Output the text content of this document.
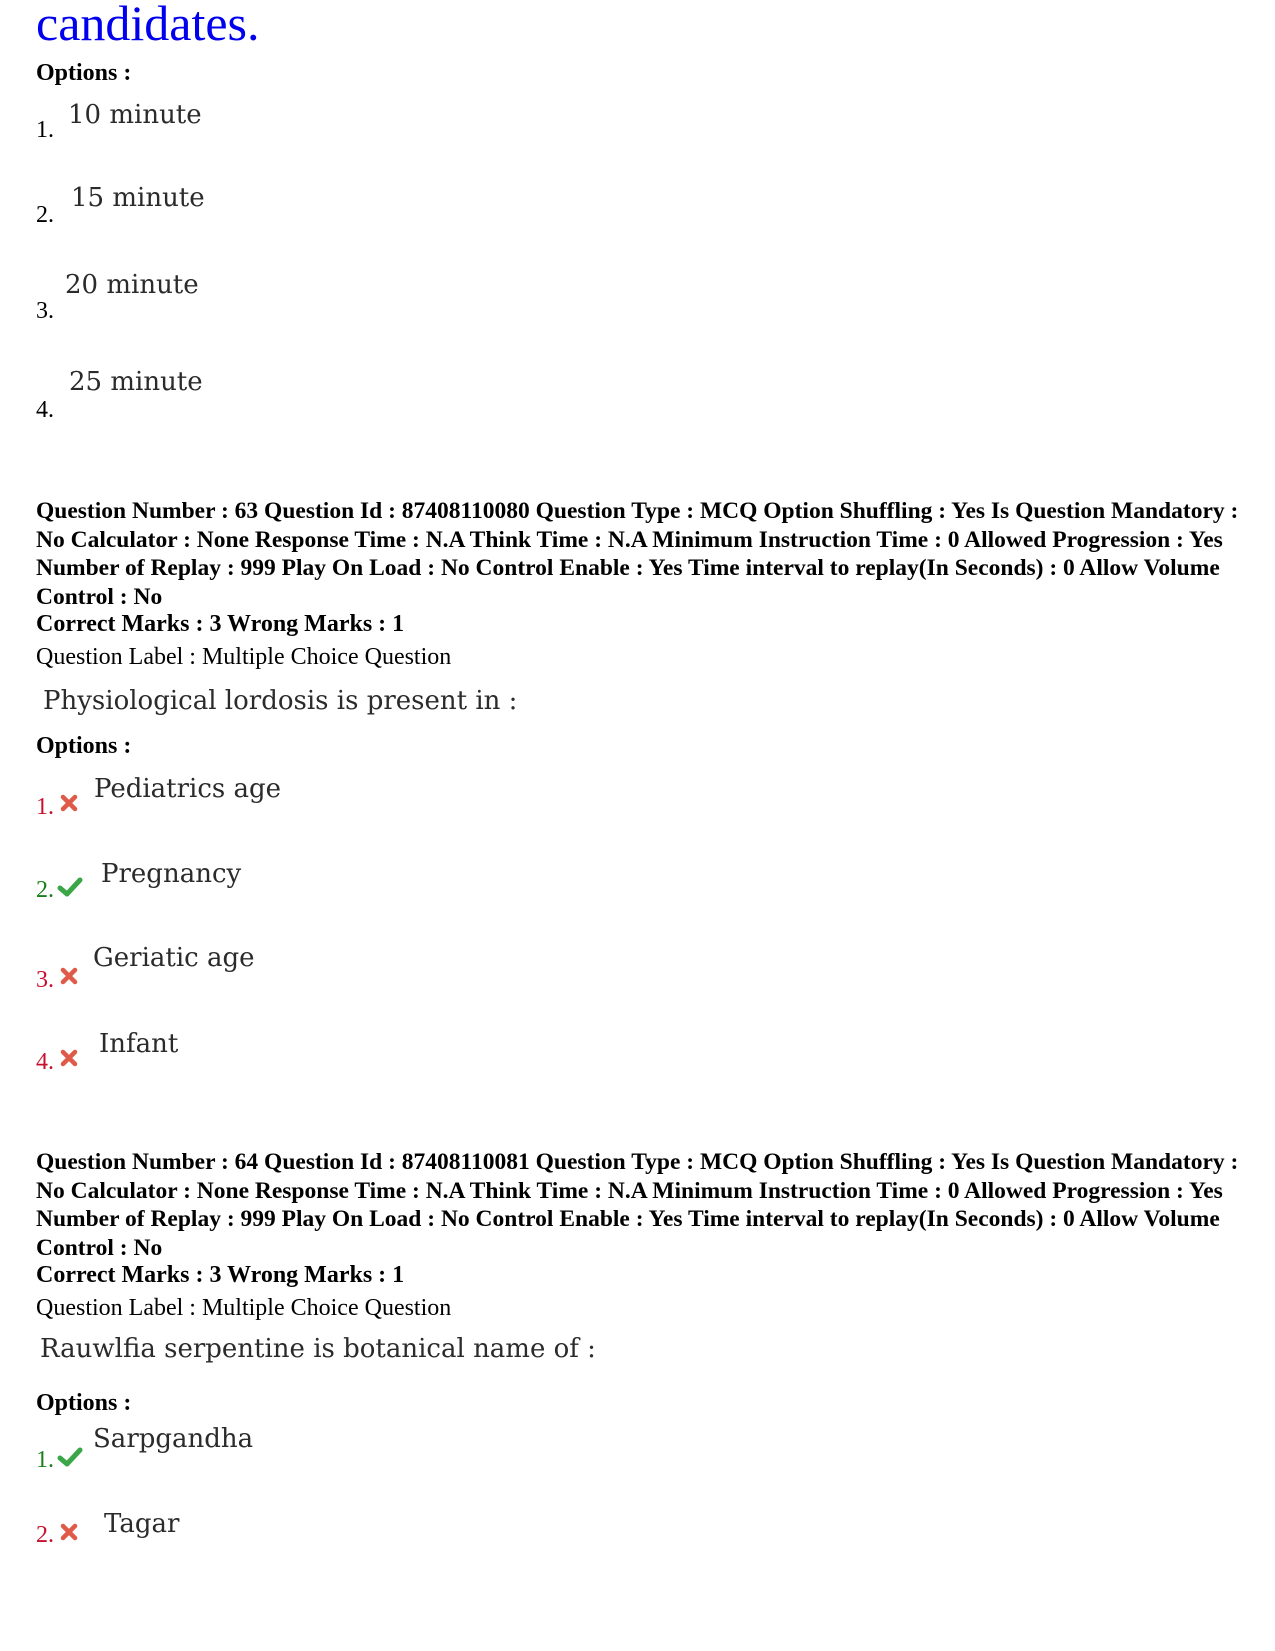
candidates.
Options :
1. 10 minute
2.
15 minute
3.
20 minute
4.
25 minute
Question Number : 63 Question Id : 87408110080 Question Type : MCQ Option Shuffling : Yes Is Question Mandatory : No Calculator : None Response Time : N.A Think Time : N.A Minimum Instruction Time : 0 Allowed Progression : Yes Number of Replay : 999 Play On Load : No Control Enable : Yes Time interval to replay(In Seconds) : 0 Allow Volume Control : No
Correct Marks : 3 Wrong Marks : 1
Question Label : Multiple Choice Question
Physiological lordosis is present in :
Options :
1.
Pediatrics age
2.
Pregnancy
3.
Geriatic age
4.
Infant
Question Number : 64 Question Id : 87408110081 Question Type : MCQ Option Shuffling : Yes Is Question Mandatory : No Calculator : None Response Time : N.A Think Time : N.A Minimum Instruction Time : 0 Allowed Progression : Yes Number of Replay : 999 Play On Load : No Control Enable : Yes Time interval to replay(In Seconds) : 0 Allow Volume Control : No
Correct Marks : 3 Wrong Marks : 1
Question Label : Multiple Choice Question
Rauwlfia serpentine is botanical name of :
Options :
1.
Sarpgandha
2. Tagar
